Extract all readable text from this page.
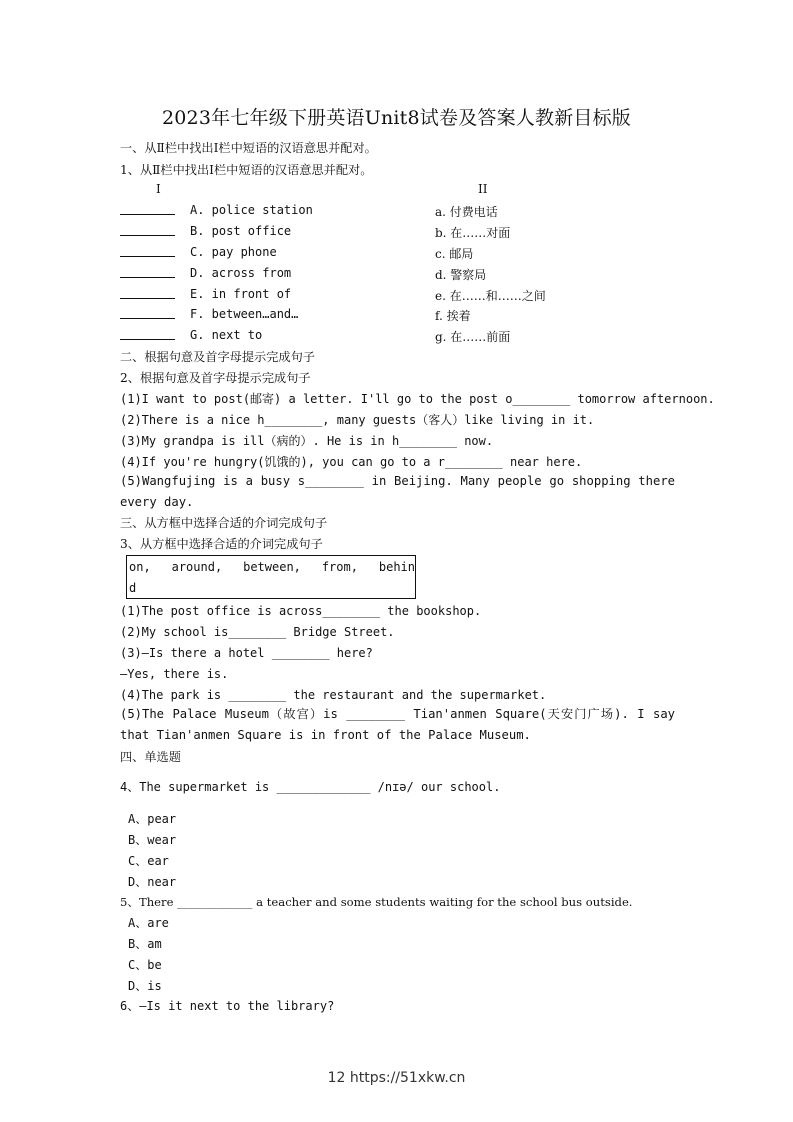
2023年七年级下册英语Unit8试卷及答案人教新目标版
一、从Ⅱ栏中找出Ⅰ栏中短语的汉语意思并配对。
1、从Ⅱ栏中找出Ⅰ栏中短语的汉语意思并配对。
I	II
A. police station	a. 付费电话
B. post office	b. 在……对面
C. pay phone	c. 邮局
D. across from	d. 警察局
E. in front of	e. 在……和……之间
F. between…and…	f. 挨着
G. next to	g. 在……前面
二、根据句意及首字母提示完成句子
2、根据句意及首字母提示完成句子
(1)I want to post(邮寄) a letter. I'll go to the post o________ tomorrow afternoon.
(2)There is a nice h________, many guests（客人）like living in it.
(3)My grandpa is ill（病的）. He is in h________ now.
(4)If you're hungry(饥饿的), you can go to a r________ near here.
(5)Wangfujing is a busy s________ in Beijing. Many people go shopping there every day.
三、从方框中选择合适的介词完成句子
3、从方框中选择合适的介词完成句子
on, around, between, from, behin
d
(1)The post office is across________ the bookshop.
(2)My school is________ Bridge Street.
(3)—Is there a hotel ________ here?
—Yes, there is.
(4)The park is ________ the restaurant and the supermarket.
(5)The Palace Museum（故宫）is ________ Tian'anmen Square(天安门广场). I say that Tian'anmen Square is in front of the Palace Museum.
四、单选题
4、The supermarket is _____________ /nɪə/ our school.
A、pear
B、wear
C、ear
D、near
5、There _____________ a teacher and some students waiting for the school bus outside.
A、are
B、am
C、be
D、is
6、—Is it next to the library?
12 https://51xkw.cn
